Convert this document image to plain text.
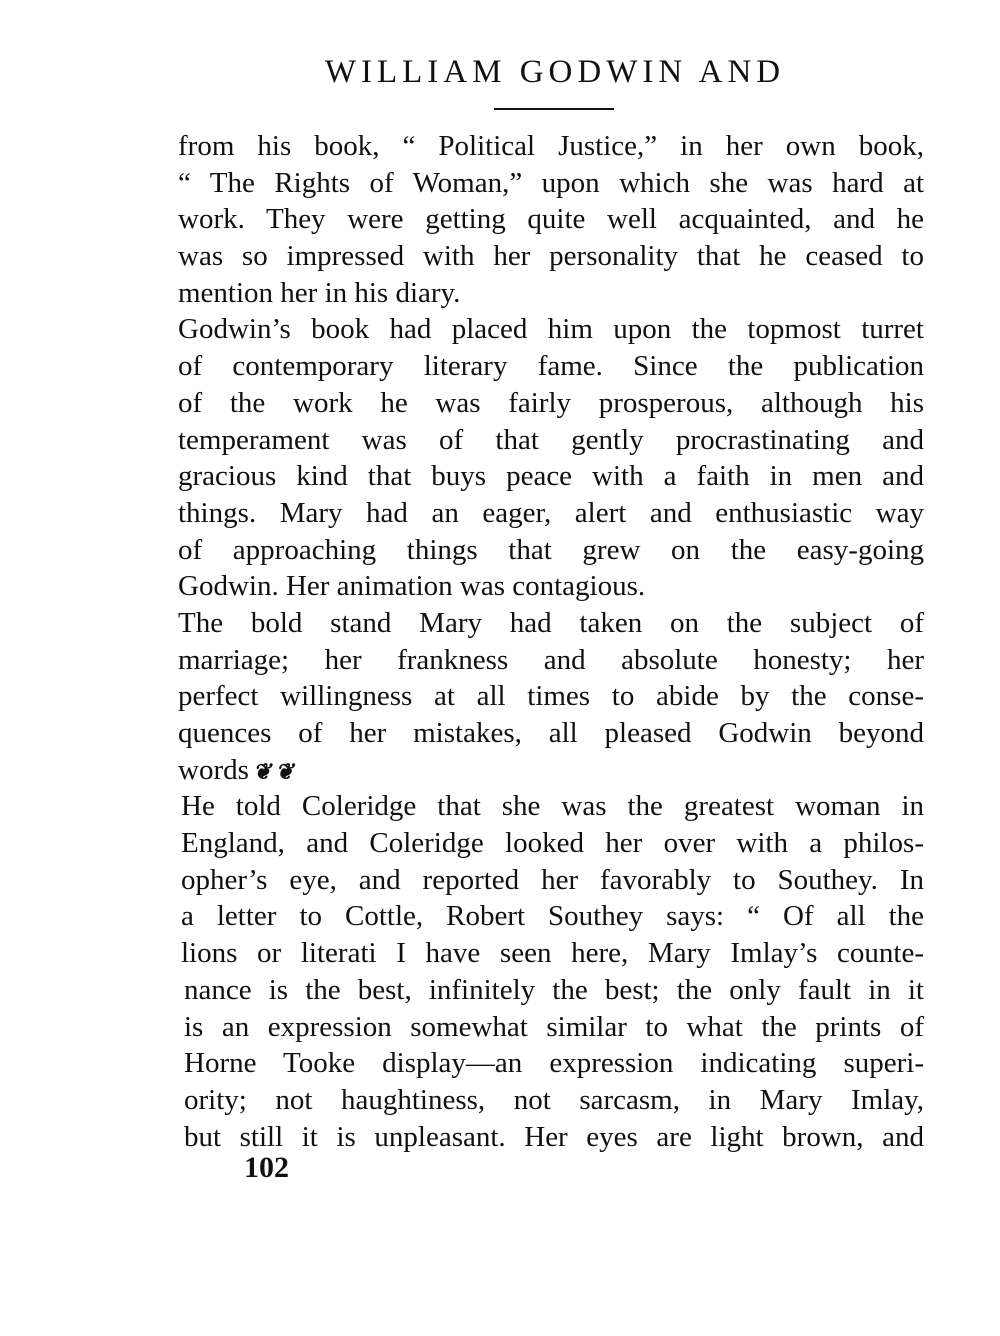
WILLIAM GODWIN AND
from his book, “ Political Justice,” in her own book,
“ The Rights of Woman,” upon which she was hard at
work. They were getting quite well acquainted, and he
was so impressed with her personality that he ceased to
mention her in his diary.
Godwin’s book had placed him upon the topmost turret
of contemporary literary fame. Since the publication
of the work he was fairly prosperous, although his
temperament was of that gently procrastinating and
gracious kind that buys peace with a faith in men and
things. Mary had an eager, alert and enthusiastic way
of approaching things that grew on the easy-going
Godwin. Her animation was contagious.
The bold stand Mary had taken on the subject of
marriage; her frankness and absolute honesty; her
perfect willingness at all times to abide by the conse-
quences of her mistakes, all pleased Godwin beyond
words ❦ ❦
He told Coleridge that she was the greatest woman in
England, and Coleridge looked her over with a philos-
opher’s eye, and reported her favorably to Southey. In
a letter to Cottle, Robert Southey says: “ Of all the
lions or literati I have seen here, Mary Imlay’s counte-
nance is the best, infinitely the best; the only fault in it
is an expression somewhat similar to what the prints of
Horne Tooke display—an expression indicating superi-
ority; not haughtiness, not sarcasm, in Mary Imlay,
but still it is unpleasant. Her eyes are light brown, and
102
